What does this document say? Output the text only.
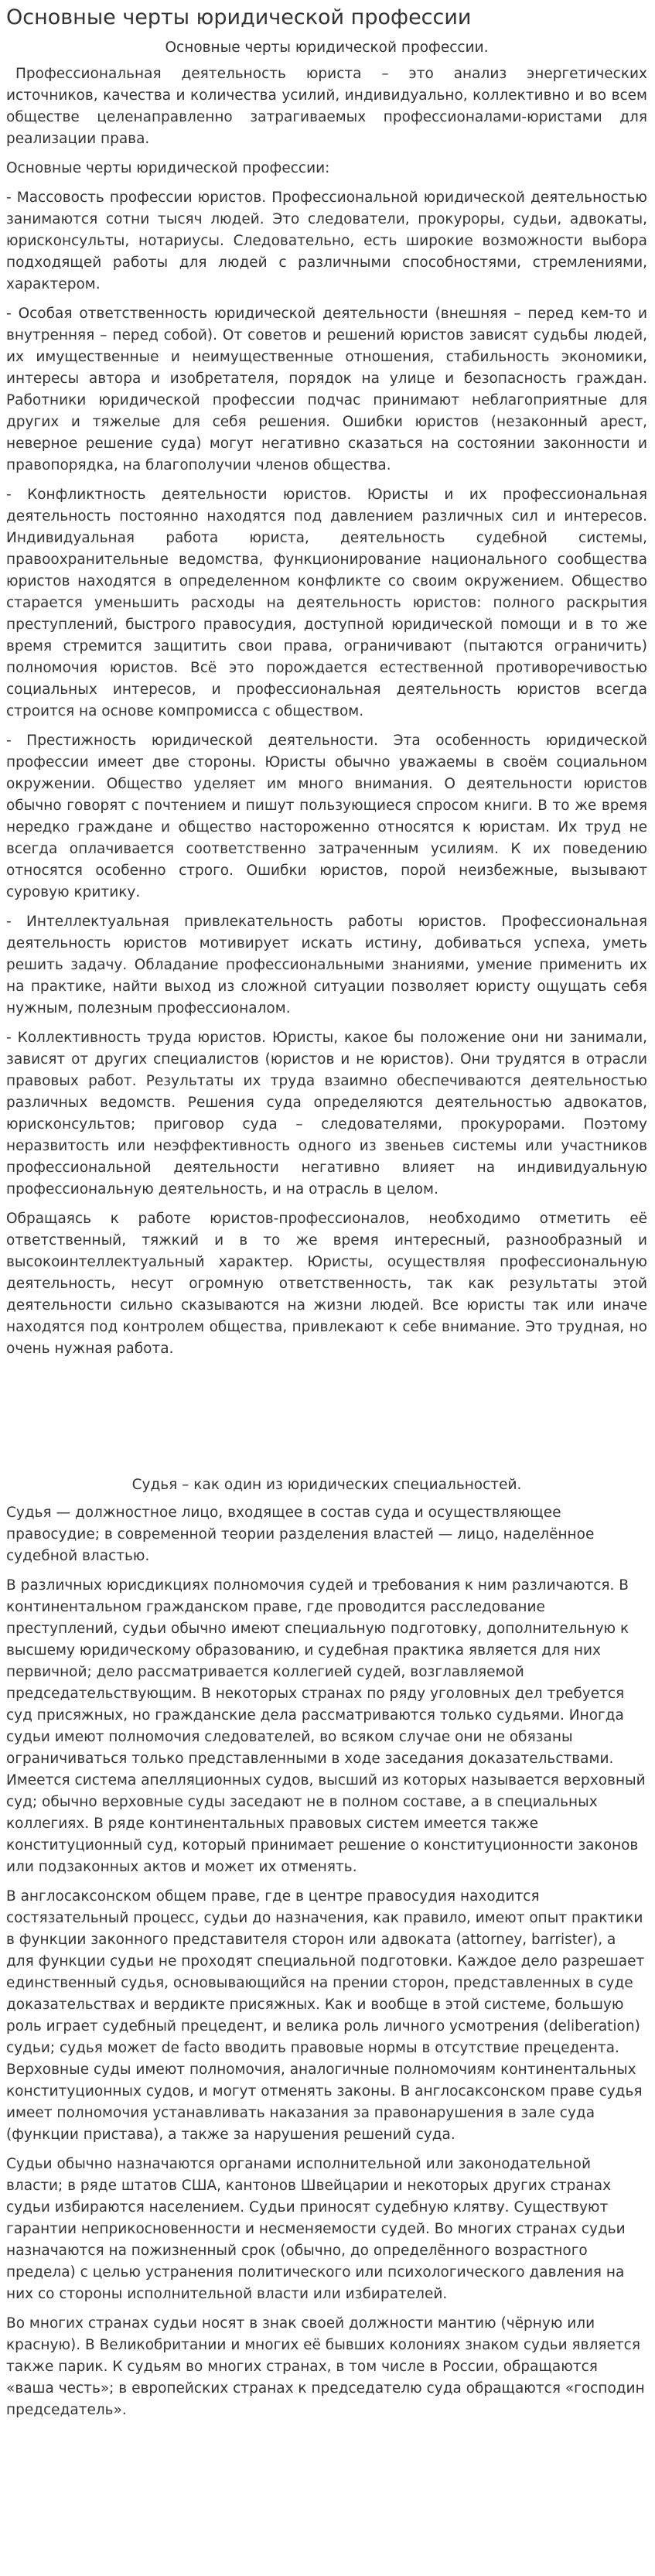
Основные черты юридической профессии
Основные черты юридической профессии.

Профессиональная деятельность юриста – это анализ энергетических источников, качества и количества усилий, индивидуально, коллективно и во всем обществе целенаправленно затрагиваемых профессионалами-юристами для реализации права.

Основные черты юридической профессии:

- Массовость профессии юристов. Профессиональной юридической деятельностью занимаются сотни тысяч людей. Это следователи, прокуроры, судьи, адвокаты, юрисконсульты, нотариусы. Следовательно, есть широкие возможности выбора подходящей работы для людей с различными способностями, стремлениями, характером.

- Особая ответственность юридической деятельности (внешняя – перед кем-то и внутренняя – перед собой). От советов и решений юристов зависят судьбы людей, их имущественные и неимущественные отношения, стабильность экономики, интересы автора и изобретателя, порядок на улице и безопасность граждан. Работники юридической профессии подчас принимают неблагоприятные для других и тяжелые для себя решения. Ошибки юристов (незаконный арест, неверное решение суда) могут негативно сказаться на состоянии законности и правопорядка, на благополучии членов общества.

- Конфликтность деятельности юристов. Юристы и их профессиональная деятельность постоянно находятся под давлением различных сил и интересов. Индивидуальная работа юриста, деятельность судебной системы, правоохранительные ведомства, функционирование национального сообщества юристов находятся в определенном конфликте со своим окружением. Общество старается уменьшить расходы на деятельность юристов: полного раскрытия преступлений, быстрого правосудия, доступной юридической помощи и в то же время стремится защитить свои права, ограничивают (пытаются ограничить) полномочия юристов. Всё это порождается естественной противоречивостью социальных интересов, и профессиональная деятельность юристов всегда строится на основе компромисса с обществом.

- Престижность юридической деятельности. Эта особенность юридической профессии имеет две стороны. Юристы обычно уважаемы в своём социальном окружении. Общество уделяет им много внимания. О деятельности юристов обычно говорят с почтением и пишут пользующиеся спросом книги. В то же время нередко граждане и общество настороженно относятся к юристам. Их труд не всегда оплачивается соответственно затраченным усилиям. К их поведению относятся особенно строго. Ошибки юристов, порой неизбежные, вызывают суровую критику.

- Интеллектуальная привлекательность работы юристов. Профессиональная деятельность юристов мотивирует искать истину, добиваться успеха, уметь решить задачу. Обладание профессиональными знаниями, умение применить их на практике, найти выход из сложной ситуации позволяет юристу ощущать себя нужным, полезным профессионалом.

- Коллективность труда юристов. Юристы, какое бы положение они ни занимали, зависят от других специалистов (юристов и не юристов). Они трудятся в отрасли правовых работ. Результаты их труда взаимно обеспечиваются деятельностью различных ведомств. Решения суда определяются деятельностью адвокатов, юрисконсультов; приговор суда – следователями, прокурорами. Поэтому неразвитость или неэффективность одного из звеньев системы или участников профессиональной деятельности негативно влияет на индивидуальную профессиональную деятельность, и на отрасль в целом.

Обращаясь к работе юристов-профессионалов, необходимо отметить её ответственный, тяжкий и в то же время интересный, разнообразный и высокоинтеллектуальный характер. Юристы, осуществляя профессиональную деятельность, несут огромную ответственность, так как результаты этой деятельности сильно сказываются на жизни людей. Все юристы так или иначе находятся под контролем общества, привлекают к себе внимание. Это трудная, но очень нужная работа.

Судья – как один из юридических специальностей.

Судья — должностное лицо, входящее в состав суда и осуществляющее правосудие; в современной теории разделения властей — лицо, наделённое судебной властью.

В различных юрисдикциях полномочия судей и требования к ним различаются. В континентальном гражданском праве, где проводится расследование преступлений, судьи обычно имеют специальную подготовку, дополнительную к высшему юридическому образованию, и судебная практика является для них первичной; дело рассматривается коллегией судей, возглавляемой председательствующим. В некоторых странах по ряду уголовных дел требуется суд присяжных, но гражданские дела рассматриваются только судьями. Иногда судьи имеют полномочия следователей, во всяком случае они не обязаны ограничиваться только представленными в ходе заседания доказательствами. Имеется система апелляционных судов, высший из которых называется верховный суд; обычно верховные суды заседают не в полном составе, а в специальных коллегиях. В ряде континентальных правовых систем имеется также конституционный суд, который принимает решение о конституционности законов или подзаконных актов и может их отменять.

В англосаксонском общем праве, где в центре правосудия находится состязательный процесс, судьи до назначения, как правило, имеют опыт практики в функции законного представителя сторон или адвоката (attorney, barrister), а для функции судьи не проходят специальной подготовки. Каждое дело разрешает единственный судья, основывающийся на прении сторон, представленных в суде доказательствах и вердикте присяжных. Как и вообще в этой системе, большую роль играет судебный прецедент, и велика роль личного усмотрения (deliberation) судьи; судья может de facto вводить правовые нормы в отсутствие прецедента. Верховные суды имеют полномочия, аналогичные полномочиям континентальных конституционных судов, и могут отменять законы. В англосаксонском праве судья имеет полномочия устанавливать наказания за правонарушения в зале суда (функции пристава), а также за нарушения решений суда.

Судьи обычно назначаются органами исполнительной или законодательной власти; в ряде штатов США, кантонов Швейцарии и некоторых других странах судьи избираются населением. Судьи приносят судебную клятву. Существуют гарантии неприкосновенности и несменяемости судей. Во многих странах судьи назначаются на пожизненный срок (обычно, до определённого возрастного предела) с целью устранения политического или психологического давления на них со стороны исполнительной власти или избирателей.

Во многих странах судьи носят в знак своей должности мантию (чёрную или красную). В Великобритании и многих её бывших колониях знаком судьи является также парик. К судьям во многих странах, в том числе в России, обращаются «ваша честь»; в европейских странах к председателю суда обращаются «господин председатель».
